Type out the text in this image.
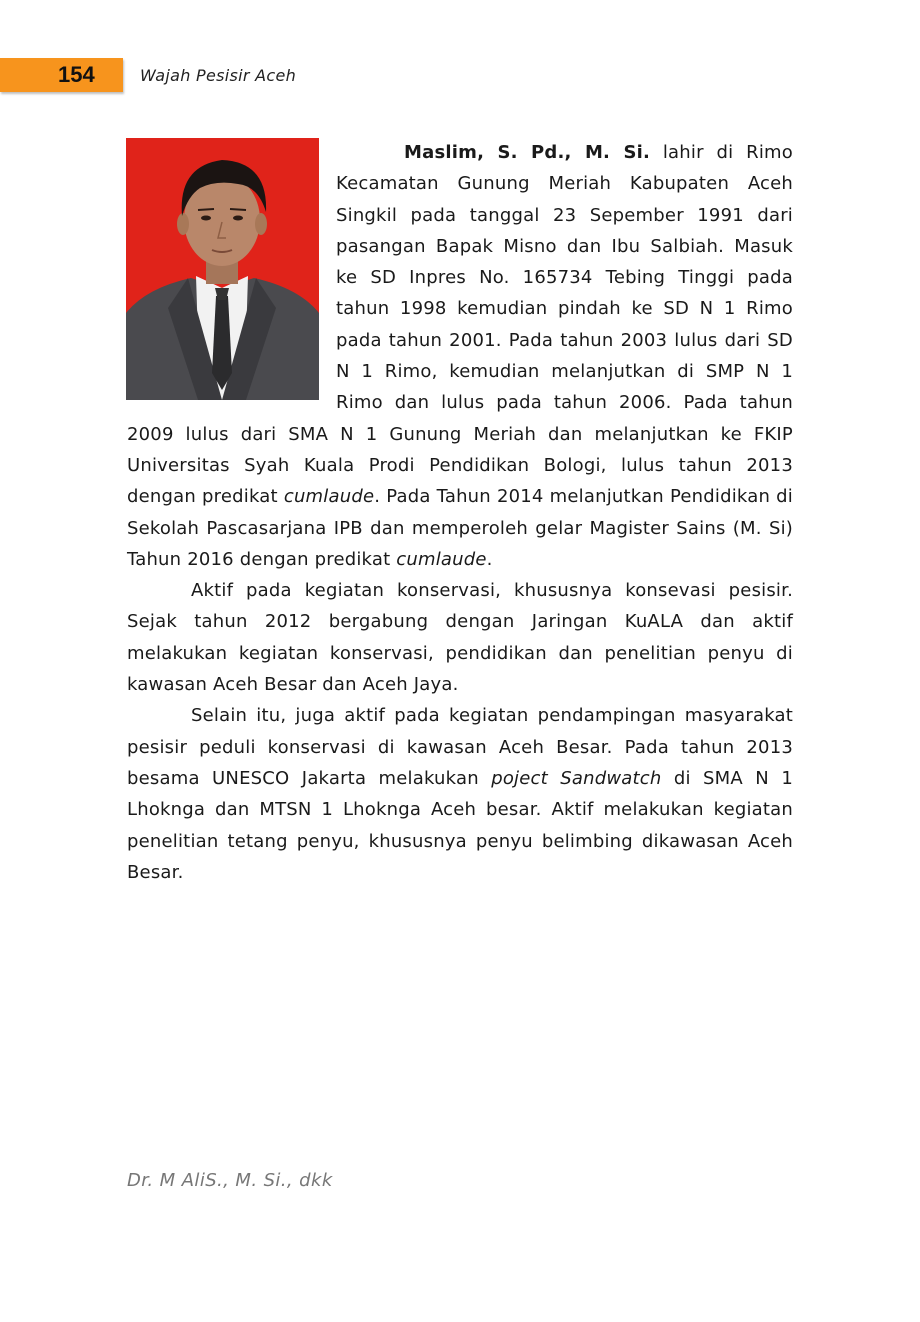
154	Wajah Pesisir Aceh

Maslim, S. Pd., M. Si. lahir di Rimo Kecamatan Gunung Meriah Kabupaten Aceh Singkil pada tanggal 23 Sepember 1991 dari pasangan Bapak Misno dan Ibu Salbiah. Masuk ke SD Inpres No. 165734 Tebing Tinggi pada tahun 1998 kemudian pindah ke SD N 1 Rimo pada tahun 2001. Pada tahun 2003 lulus dari SD N 1 Rimo, kemudian melanjutkan di SMP N 1 Rimo dan lulus pada tahun 2006. Pada tahun 2009 lulus dari SMA N 1 Gunung Meriah dan melanjutkan ke FKIP Universitas Syah Kuala Prodi Pendidikan Bologi, lulus tahun 2013 dengan predikat cumlaude. Pada Tahun 2014 melanjutkan Pendidikan di Sekolah Pascasarjana IPB dan memperoleh gelar Magister Sains (M. Si) Tahun 2016 dengan predikat cumlaude.

Aktif pada kegiatan konservasi, khususnya konsevasi pesisir. Sejak tahun 2012 bergabung dengan Jaringan KuALA dan aktif melakukan kegiatan konservasi, pendidikan dan penelitian penyu di kawasan Aceh Besar dan Aceh Jaya.

Selain itu, juga aktif pada kegiatan pendampingan masyarakat pesisir peduli konservasi di kawasan Aceh Besar. Pada tahun 2013 besama UNESCO Jakarta melakukan poject Sandwatch di SMA N 1 Lhoknga dan MTSN 1 Lhoknga Aceh besar. Aktif melakukan kegiatan penelitian tetang penyu, khususnya penyu belimbing dikawasan Aceh Besar.

Dr. M AliS., M. Si., dkk
